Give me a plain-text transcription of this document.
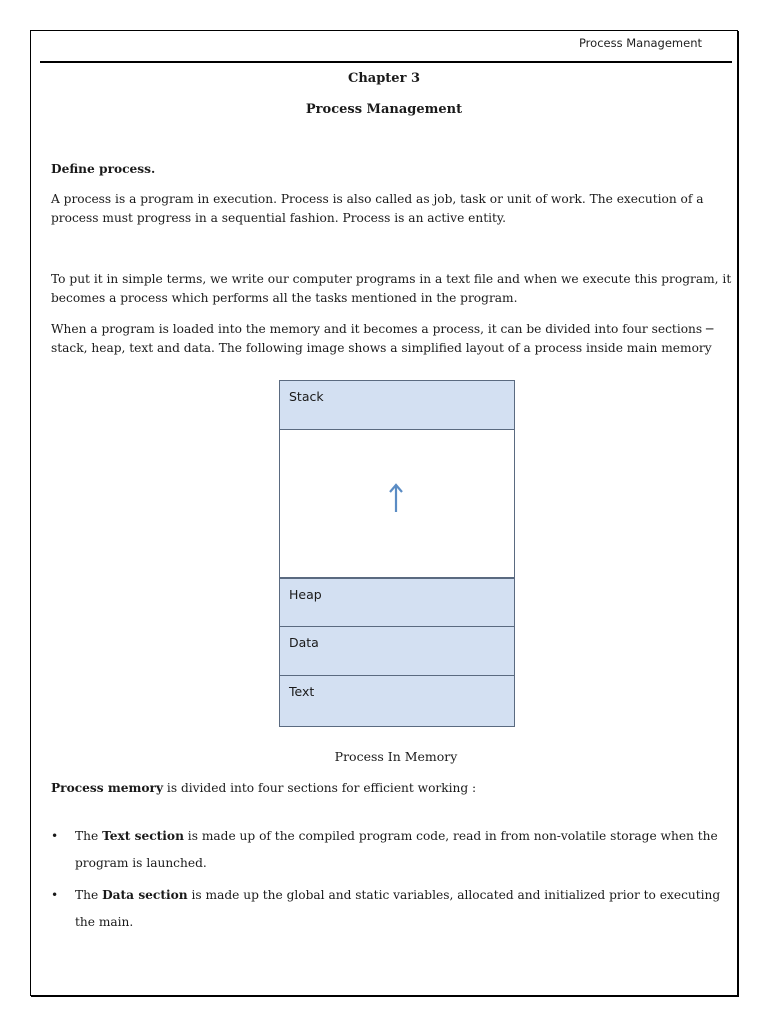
Process Management
Chapter 3
Process Management

Define process.

A process is a program in execution. Process is also called as job, task or unit of work. The execution of a process must progress in a sequential fashion. Process is an active entity.

To put it in simple terms, we write our computer programs in a text file and when we execute this program, it becomes a process which performs all the tasks mentioned in the program.

When a program is loaded into the memory and it becomes a process, it can be divided into four sections ─ stack, heap, text and data. The following image shows a simplified layout of a process inside main memory

Stack
Heap
Data
Text
Process In Memory

Process memory is divided into four sections for efficient working :

• The Text section is made up of the compiled program code, read in from non-volatile storage when the program is launched.

• The Data section is made up the global and static variables, allocated and initialized prior to executing the main.
